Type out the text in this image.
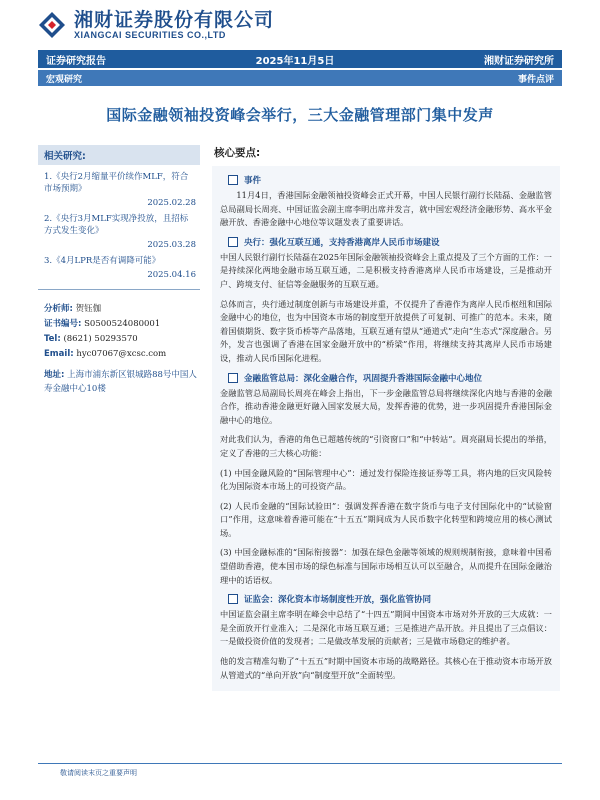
湘财证券股份有限公司
XIANGCAI SECURITIES CO.,LTD
证券研究报告	2025年11月5日	湘财证券研究所
宏观研究	事件点评
国际金融领袖投资峰会举行，三大金融管理部门集中发声
相关研究:
1.《央行2月缩量平价续作MLF，符合市场预期》
2025.02.28
2.《央行3月MLF实现净投放，且招标方式发生变化》
2025.03.28
3.《4月LPR是否有调降可能》
2025.04.16
分析师: 贺钰伽
证书编号: S0500524080001
Tel: (8621) 50293570
Email: hyc07067@xcsc.com
地址: 上海市浦东新区银城路88号中国人寿金融中心10楼
核心要点:
事件
11月4日，香港国际金融领袖投资峰会正式开幕，中国人民银行副行长陆磊、金融监管总局副局长周亮、中国证监会副主席李明出席并发言，就中国宏观经济金融形势、高水平金融开放、香港金融中心地位等议题发表了重要讲话。
央行：强化互联互通，支持香港离岸人民币市场建设
中国人民银行副行长陆磊在2025年国际金融领袖投资峰会上重点提及了三个方面的工作：一是持续深化两地金融市场互联互通，二是积极支持香港离岸人民币市场建设，三是推动开户、跨境支付、征信等金融服务的互联互通。
总体而言，央行通过制度创新与市场建设并重，不仅提升了香港作为离岸人民币枢纽和国际金融中心的地位，也为中国资本市场的制度型开放提供了可复制、可推广的范本。未来，随着国债期货、数字货币桥等产品落地，互联互通有望从“通道式”走向“生态式”深度融合。另外，发言也强调了香港在国家金融开放中的“桥梁”作用，将继续支持其离岸人民币市场建设，推动人民币国际化进程。
金融监管总局：深化金融合作，巩固提升香港国际金融中心地位
金融监管总局副局长周亮在峰会上指出，下一步金融监管总局将继续深化内地与香港的金融合作，推动香港金融更好融入国家发展大局，发挥香港的优势，进一步巩固提升香港国际金融中心的地位。
对此我们认为，香港的角色已超越传统的“引资窗口”和“中转站”。周亮副局长提出的举措，定义了香港的三大核心功能：
(1) 中国金融风险的“国际管理中心”：通过发行保险连接证券等工具，将内地的巨灾风险转化为国际资本市场上的可投资产品。
(2) 人民币金融的“国际试验田”：强调发挥香港在数字货币与电子支付国际化中的“试验窗口”作用，这意味着香港可能在“十五五”期间成为人民币数字化转型和跨境应用的核心测试场。
(3) 中国金融标准的“国际衔接器”：加强在绿色金融等领域的规则规制衔接，意味着中国希望借助香港，使本国市场的绿色标准与国际市场相互认可以至融合，从而提升在国际金融治理中的话语权。
证监会：深化资本市场制度性开放，强化监管协同
中国证监会副主席李明在峰会中总结了“十四五”期间中国资本市场对外开放的三大成就：一是全面放开行业准入；二是深化市场互联互通；三是推进产品开放。并且提出了三点倡议：一是做投资价值的发现者；二是做改革发展的贡献者；三是做市场稳定的维护者。
他的发言精准勾勒了“十五五”时期中国资本市场的战略路径。其核心在于推动资本市场开放从管道式的“单向开放”向“制度型开放”全面转型。
敬请阅读末页之重要声明
